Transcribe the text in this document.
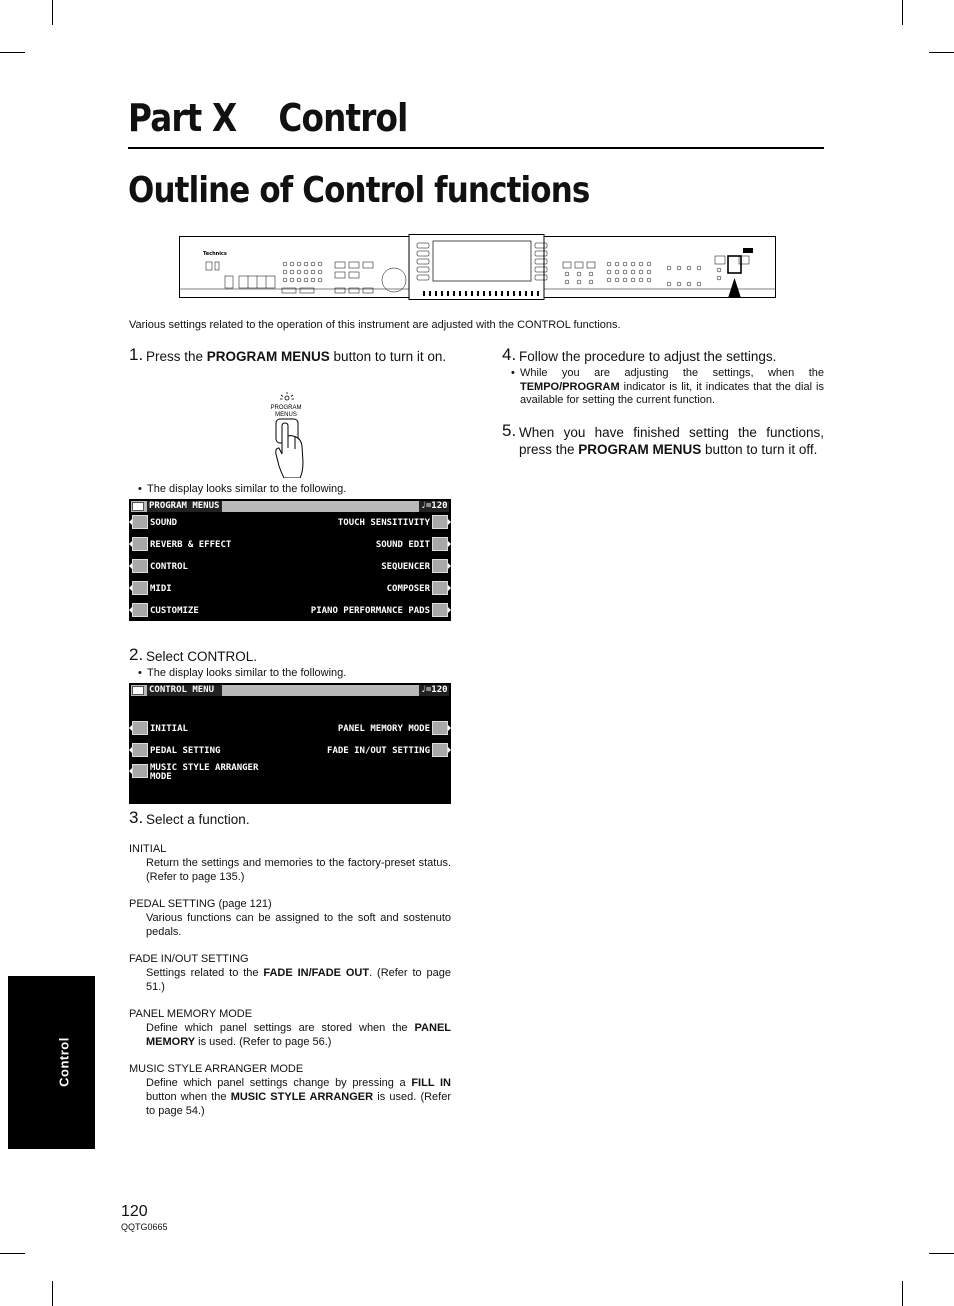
Part X    Control
Outline of Control functions
Technics
Various settings related to the operation of this instrument are adjusted with the CONTROL functions.
1. Press the PROGRAM MENUS button to turn it on.
PROGRAM
MENUS
• The display looks similar to the following.
PROGRAM MENUS	♩=120
SOUND
REVERB & EFFECT
CONTROL
MIDI
CUSTOMIZE
TOUCH SENSITIVITY
SOUND EDIT
SEQUENCER
COMPOSER
PIANO PERFORMANCE PADS
2. Select CONTROL.
• The display looks similar to the following.
CONTROL MENU	♩=120
INITIAL
PEDAL SETTING
MUSIC STYLE ARRANGER
MODE
PANEL MEMORY MODE
FADE IN/OUT SETTING
3. Select a function.
INITIAL
Return the settings and memories to the factory-preset status. (Refer to page 135.)
PEDAL SETTING (page 121)
Various functions can be assigned to the soft and sostenuto pedals.
FADE IN/OUT SETTING
Settings related to the FADE IN/FADE OUT. (Refer to page 51.)
PANEL MEMORY MODE
Define which panel settings are stored when the PANEL MEMORY is used. (Refer to page 56.)
MUSIC STYLE ARRANGER MODE
Define which panel settings change by pressing a FILL IN button when the MUSIC STYLE ARRANGER is used. (Refer to page 54.)
4. Follow the procedure to adjust the settings.
• While you are adjusting the settings, when the TEMPO/PROGRAM indicator is lit, it indicates that the dial is available for setting the current function.
5. When you have finished setting the functions, press the PROGRAM MENUS button to turn it off.
Control
120
QQTG0665
